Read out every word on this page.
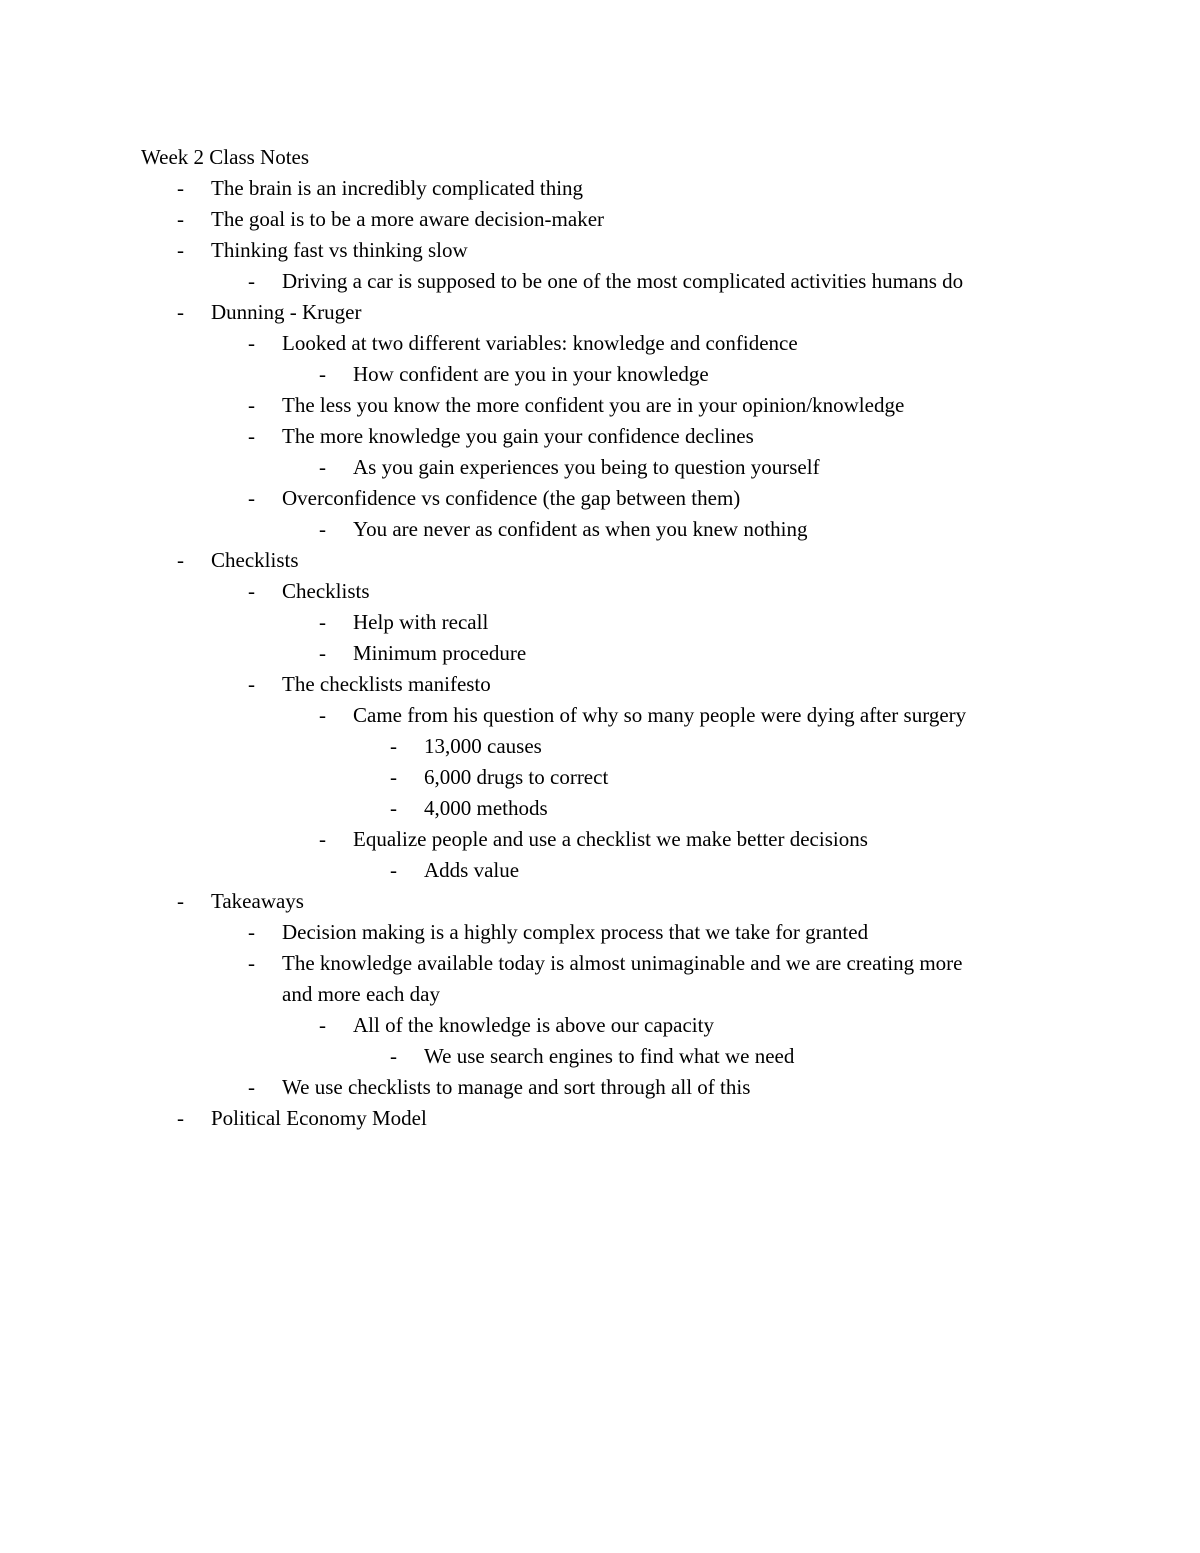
Week 2 Class Notes
- The brain is an incredibly complicated thing
- The goal is to be a more aware decision-maker
- Thinking fast vs thinking slow
- Driving a car is supposed to be one of the most complicated activities humans do
- Dunning - Kruger
- Looked at two different variables: knowledge and confidence
- How confident are you in your knowledge
- The less you know the more confident you are in your opinion/knowledge
- The more knowledge you gain your confidence declines
- As you gain experiences you being to question yourself
- Overconfidence vs confidence (the gap between them)
- You are never as confident as when you knew nothing
- Checklists
- Checklists
- Help with recall
- Minimum procedure
- The checklists manifesto
- Came from his question of why so many people were dying after surgery
- 13,000 causes
- 6,000 drugs to correct
- 4,000 methods
- Equalize people and use a checklist we make better decisions
- Adds value
- Takeaways
- Decision making is a highly complex process that we take for granted
- The knowledge available today is almost unimaginable and we are creating more
and more each day
- All of the knowledge is above our capacity
- We use search engines to find what we need
- We use checklists to manage and sort through all of this
- Political Economy Model
